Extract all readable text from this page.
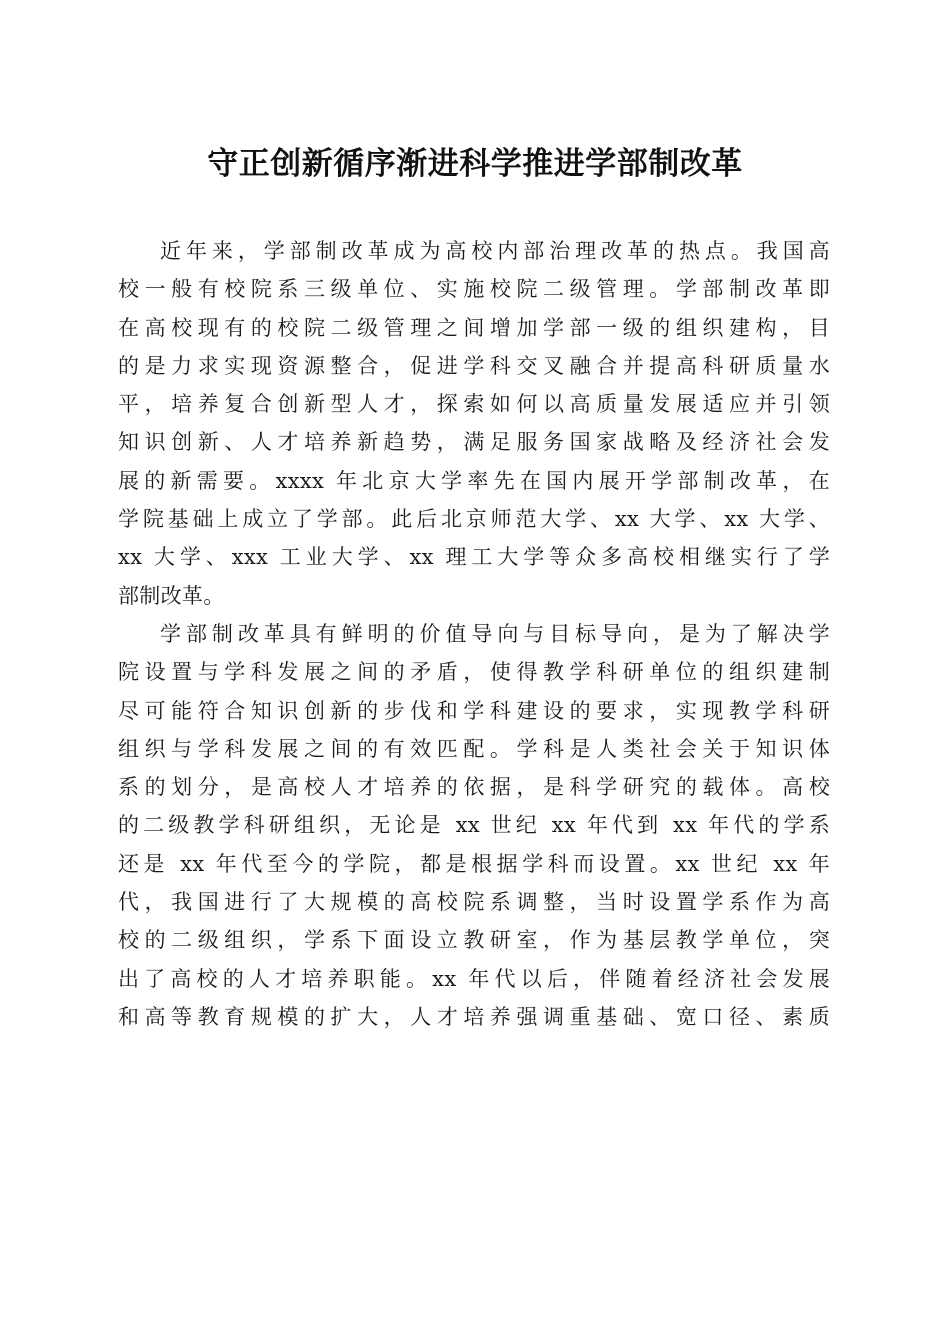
守正创新循序渐进科学推进学部制改革
近年来，学部制改革成为高校内部治理改革的热点。我国高
校一般有校院系三级单位、实施校院二级管理。学部制改革即
在高校现有的校院二级管理之间增加学部一级的组织建构，目
的是力求实现资源整合，促进学科交叉融合并提高科研质量水
平，培养复合创新型人才，探索如何以高质量发展适应并引领
知识创新、人才培养新趋势，满足服务国家战略及经济社会发
展的新需要。xxxx 年北京大学率先在国内展开学部制改革，在
学院基础上成立了学部。此后北京师范大学、xx 大学、xx 大学、
xx 大学、xxx 工业大学、xx 理工大学等众多高校相继实行了学
部制改革。
学部制改革具有鲜明的价值导向与目标导向，是为了解决学
院设置与学科发展之间的矛盾，使得教学科研单位的组织建制
尽可能符合知识创新的步伐和学科建设的要求，实现教学科研
组织与学科发展之间的有效匹配。学科是人类社会关于知识体
系的划分，是高校人才培养的依据，是科学研究的载体。高校
的二级教学科研组织，无论是 xx 世纪 xx 年代到 xx 年代的学系
还是 xx 年代至今的学院，都是根据学科而设置。xx 世纪 xx 年
代，我国进行了大规模的高校院系调整，当时设置学系作为高
校的二级组织，学系下面设立教研室，作为基层教学单位，突
出了高校的人才培养职能。xx 年代以后，伴随着经济社会发展
和高等教育规模的扩大，人才培养强调重基础、宽口径、素质
